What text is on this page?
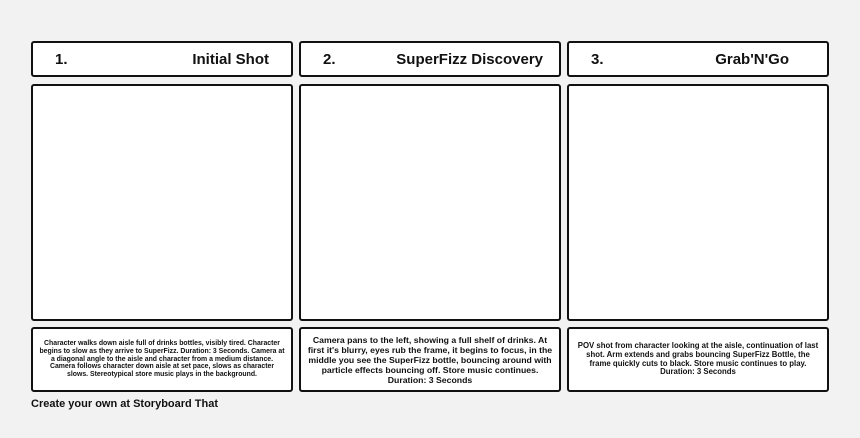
1.	Initial Shot
Character walks down aisle full of drinks bottles, visibly tired. Character begins to slow as they arrive to SuperFizz. Duration: 3 Seconds. Camera at a diagonal angle to the aisle and character from a medium distance. Camera follows character down aisle at set pace, slows as character slows. Stereotypical store music plays in the background.
2.	SuperFizz Discovery
Camera pans to the left, showing a full shelf of drinks. At first it's blurry, eyes rub the frame, it begins to focus, in the middle you see the SuperFizz bottle, bouncing around with particle effects bouncing off. Store music continues. Duration: 3 Seconds
3.	Grab'N'Go
POV shot from character looking at the aisle, continuation of last shot. Arm extends and grabs bouncing SuperFizz Bottle, the frame quickly cuts to black. Store music continues to play. Duration: 3 Seconds
Create your own at Storyboard That
